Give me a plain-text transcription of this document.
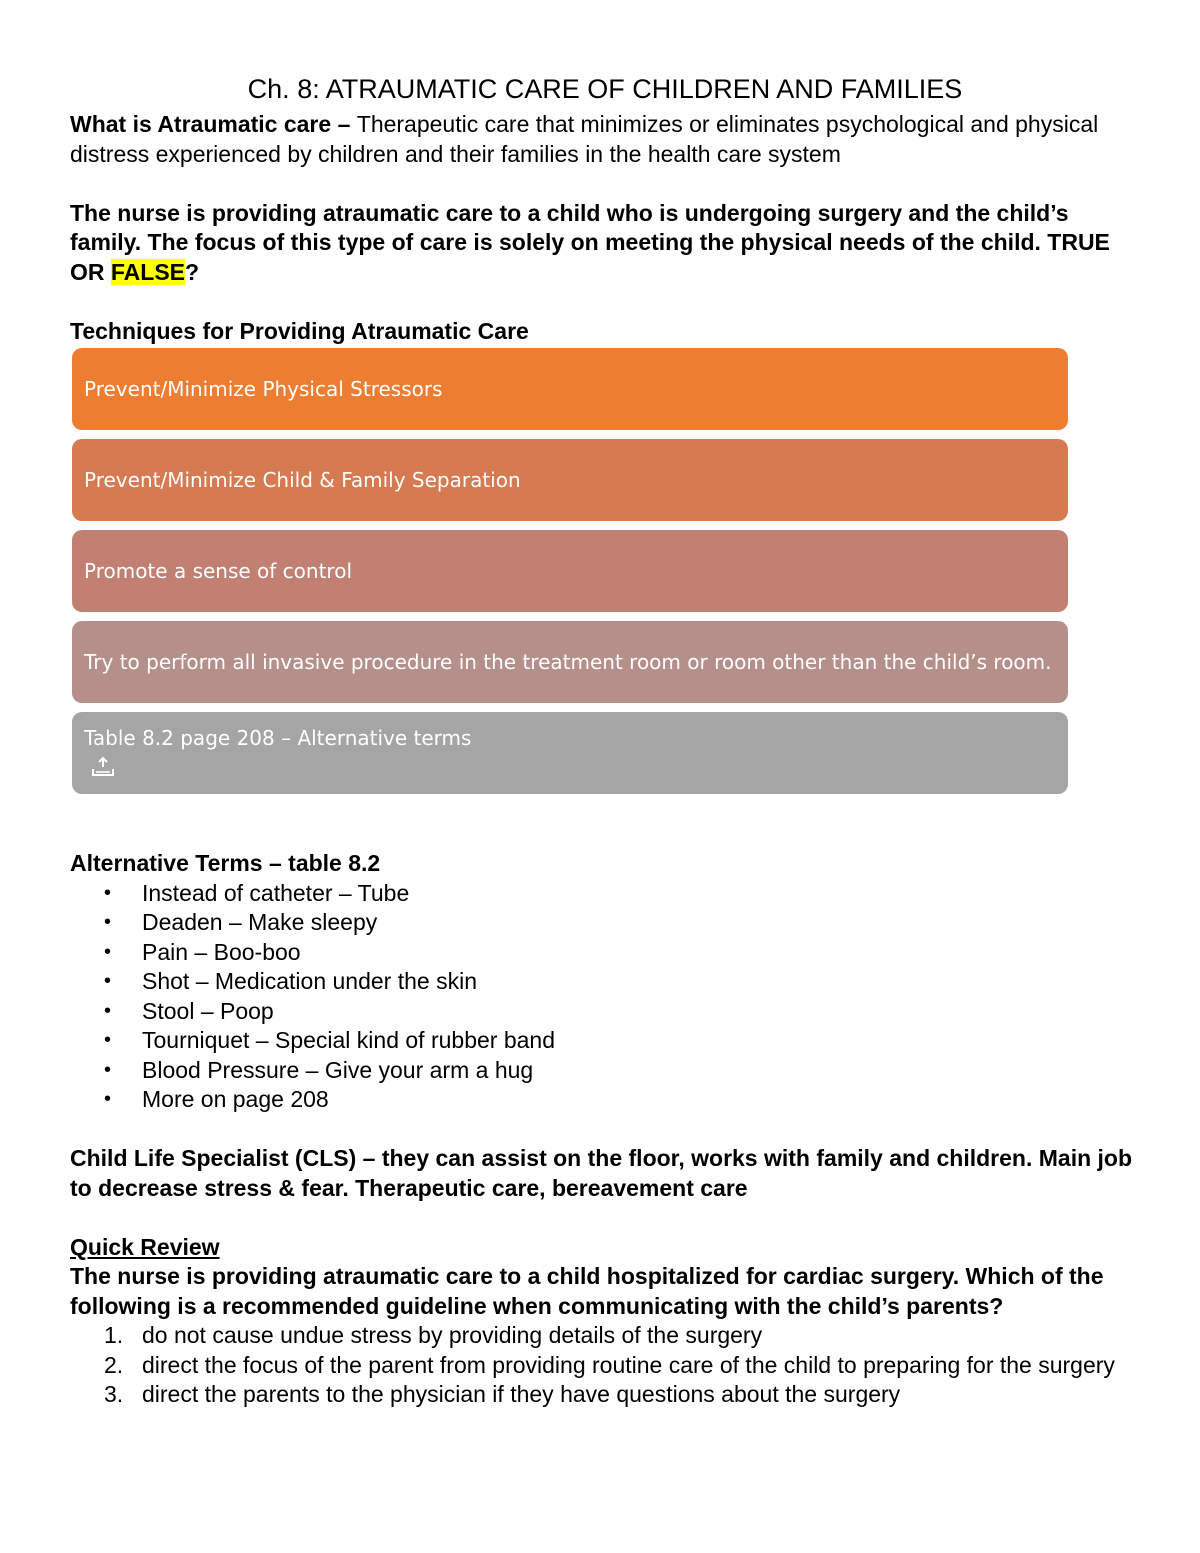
Ch. 8: ATRAUMATIC CARE OF CHILDREN AND FAMILIES

What is Atraumatic care – Therapeutic care that minimizes or eliminates psychological and physical distress experienced by children and their families in the health care system

The nurse is providing atraumatic care to a child who is undergoing surgery and the child’s family. The focus of this type of care is solely on meeting the physical needs of the child. TRUE OR FALSE?

Techniques for Providing Atraumatic Care

Prevent/Minimize Physical Stressors
Prevent/Minimize Child & Family Separation
Promote a sense of control
Try to perform all invasive procedure in the treatment room or room other than the child’s room.
Table 8.2 page 208 – Alternative terms

Alternative Terms – table 8.2

• Instead of catheter – Tube
• Deaden – Make sleepy
• Pain – Boo-boo
• Shot – Medication under the skin
• Stool – Poop
• Tourniquet – Special kind of rubber band
• Blood Pressure – Give your arm a hug
• More on page 208

Child Life Specialist (CLS) – they can assist on the floor, works with family and children. Main job to decrease stress & fear. Therapeutic care, bereavement care

Quick Review

The nurse is providing atraumatic care to a child hospitalized for cardiac surgery. Which of the following is a recommended guideline when communicating with the child’s parents?

1. do not cause undue stress by providing details of the surgery
2. direct the focus of the parent from providing routine care of the child to preparing for the surgery
3. direct the parents to the physician if they have questions about the surgery
